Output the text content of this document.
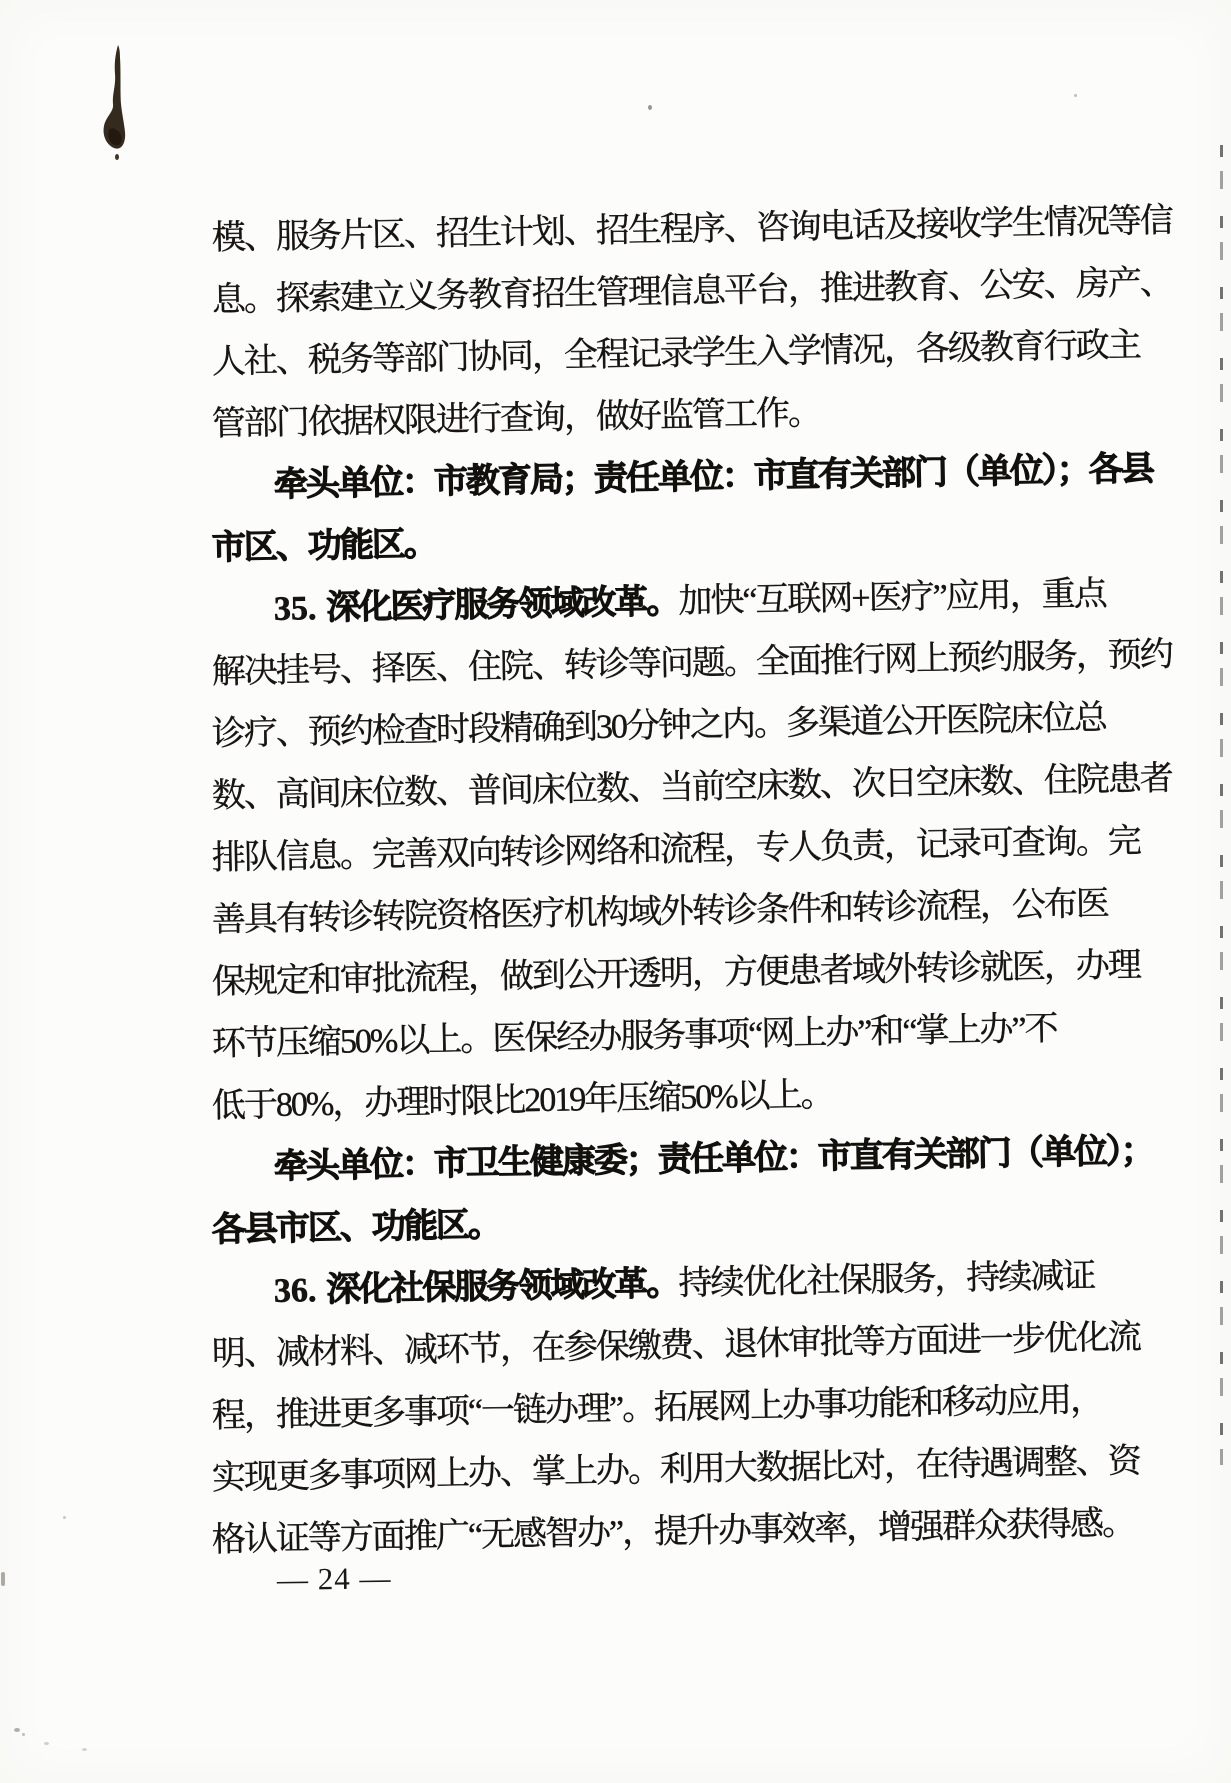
模、服务片区、招生计划、招生程序、咨询电话及接收学生情况等信
息。探索建立义务教育招生管理信息平台，推进教育、公安、房产、
人社、税务等部门协同，全程记录学生入学情况，各级教育行政主
管部门依据权限进行查询，做好监管工作。
牵头单位：市教育局；责任单位：市直有关部门（单位）；各县
市区、功能区。
35. 深化医疗服务领域改革。加快“互联网+医疗”应用，重点
解决挂号、择医、住院、转诊等问题。全面推行网上预约服务，预约
诊疗、预约检查时段精确到30分钟之内。多渠道公开医院床位总
数、高间床位数、普间床位数、当前空床数、次日空床数、住院患者
排队信息。完善双向转诊网络和流程，专人负责，记录可查询。完
善具有转诊转院资格医疗机构域外转诊条件和转诊流程，公布医
保规定和审批流程，做到公开透明，方便患者域外转诊就医，办理
环节压缩50%以上。医保经办服务事项“网上办”和“掌上办”不
低于80%，办理时限比2019年压缩50%以上。
牵头单位：市卫生健康委；责任单位：市直有关部门（单位）；
各县市区、功能区。
36. 深化社保服务领域改革。持续优化社保服务，持续减证
明、减材料、减环节，在参保缴费、退休审批等方面进一步优化流
程，推进更多事项“一链办理”。拓展网上办事功能和移动应用，
实现更多事项网上办、掌上办。利用大数据比对，在待遇调整、资
格认证等方面推广“无感智办”，提升办事效率，增强群众获得感。
— 24 —
